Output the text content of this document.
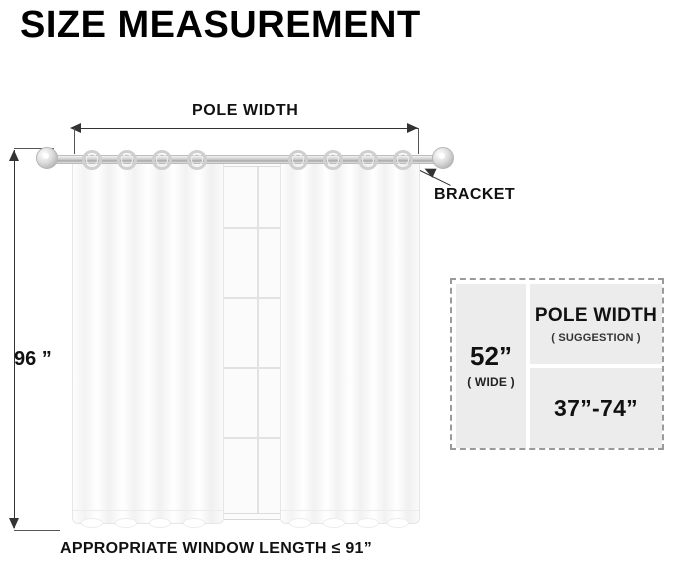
SIZE MEASUREMENT
POLE WIDTH
96 ”
BRACKET
52”
( WIDE )
POLE WIDTH
( SUGGESTION )
37”-74”
APPROPRIATE WINDOW LENGTH ≤ 91”
